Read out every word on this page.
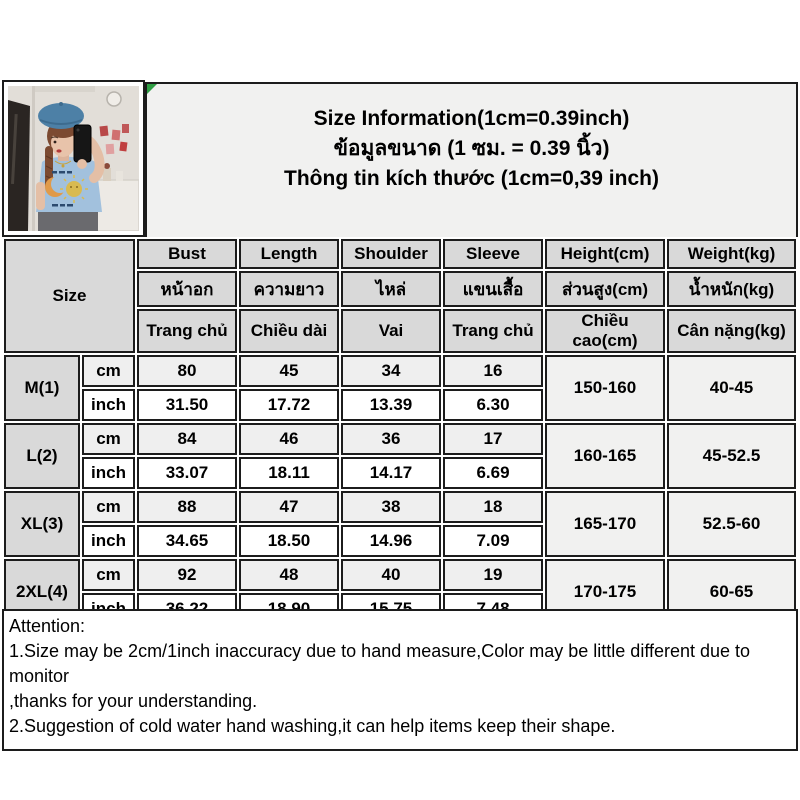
Size Information(1cm=0.39inch)
ข้อมูลขนาด (1 ซม. = 0.39 นิ้ว)
Thông tin kích thước (1cm=0,39 inch)
Size		Bust	Length	Shoulder	Sleeve	Height(cm)	Weight(kg)
		หน้าอก	ความยาว	ไหล่	แขนเสื้อ	ส่วนสูง(cm)	น้ำหนัก(kg)
		Trang chủ	Chiều dài	Vai	Trang chủ	Chiều cao(cm)	Cân nặng(kg)
M(1)	cm	80	45	34	16	150-160	40-45
	inch	31.50	17.72	13.39	6.30		
L(2)	cm	84	46	36	17	160-165	45-52.5
	inch	33.07	18.11	14.17	6.69		
XL(3)	cm	88	47	38	18	165-170	52.5-60
	inch	34.65	18.50	14.96	7.09		
2XL(4)	cm	92	48	40	19	170-175	60-65

Attention:
1.Size may be 2cm/1inch inaccuracy due to hand measure,Color may be little different due to monitor
,thanks for your understanding.
2.Suggestion of cold water hand washing,it can help items keep their shape.
